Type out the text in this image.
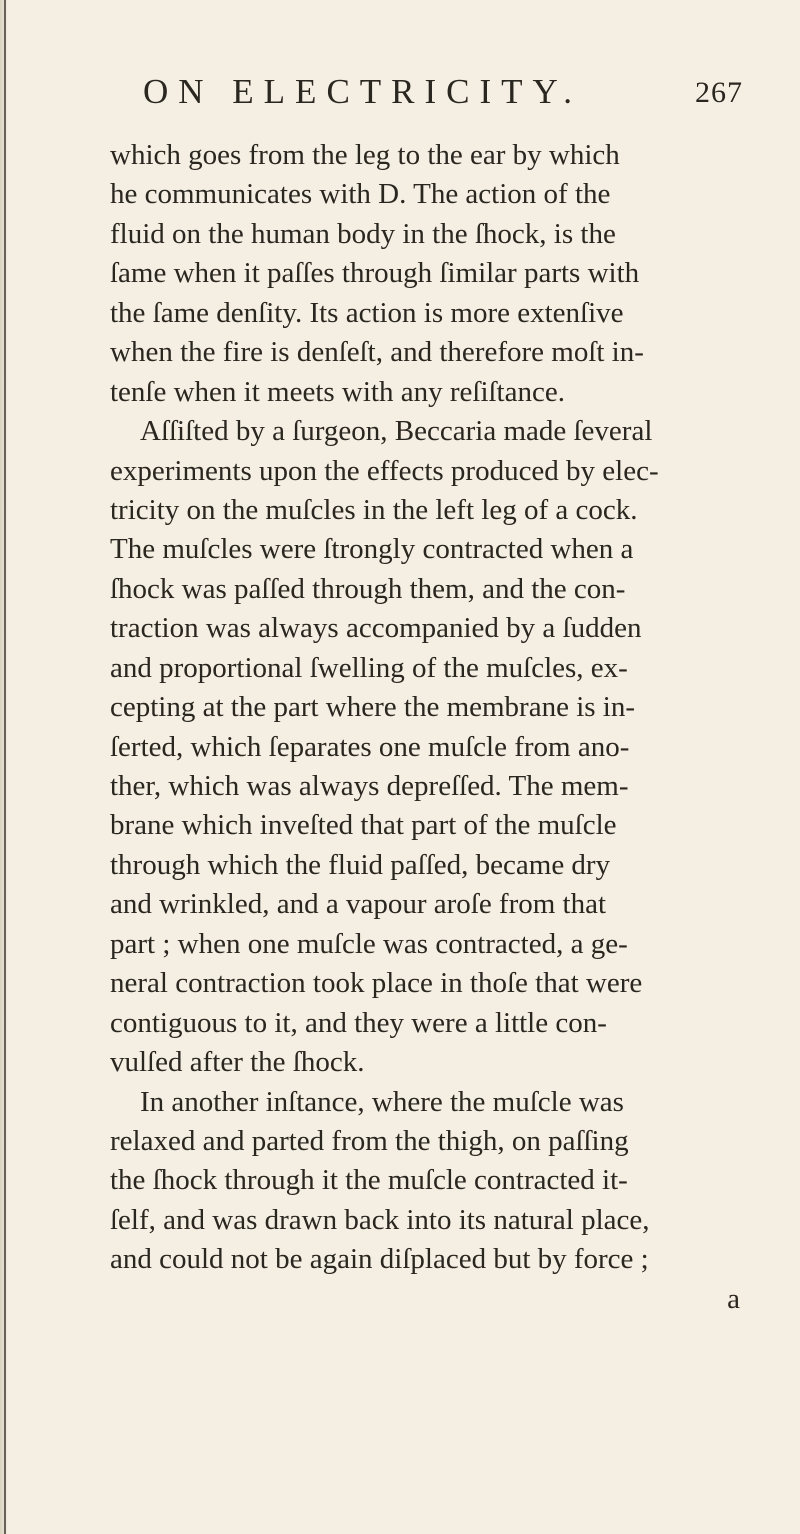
ON ELECTRICITY.	267
which goes from the leg to the ear by which
he communicates with D. The action of the
fluid on the human body in the ſhock, is the
ſame when it paſſes through ſimilar parts with
the ſame denſity. Its action is more extenſive
when the fire is denſeſt, and therefore moſt in-
tenſe when it meets with any reſiſtance.
Aſſiſted by a ſurgeon, Beccaria made ſeveral
experiments upon the effects produced by elec-
tricity on the muſcles in the left leg of a cock.
The muſcles were ſtrongly contracted when a
ſhock was paſſed through them, and the con-
traction was always accompanied by a ſudden
and proportional ſwelling of the muſcles, ex-
cepting at the part where the membrane is in-
ſerted, which ſeparates one muſcle from ano-
ther, which was always depreſſed. The mem-
brane which inveſted that part of the muſcle
through which the fluid paſſed, became dry
and wrinkled, and a vapour aroſe from that
part ; when one muſcle was contracted, a ge-
neral contraction took place in thoſe that were
contiguous to it, and they were a little con-
vulſed after the ſhock.
In another inſtance, where the muſcle was
relaxed and parted from the thigh, on paſſing
the ſhock through it the muſcle contracted it-
ſelf, and was drawn back into its natural place,
and could not be again diſplaced but by force ;
a
